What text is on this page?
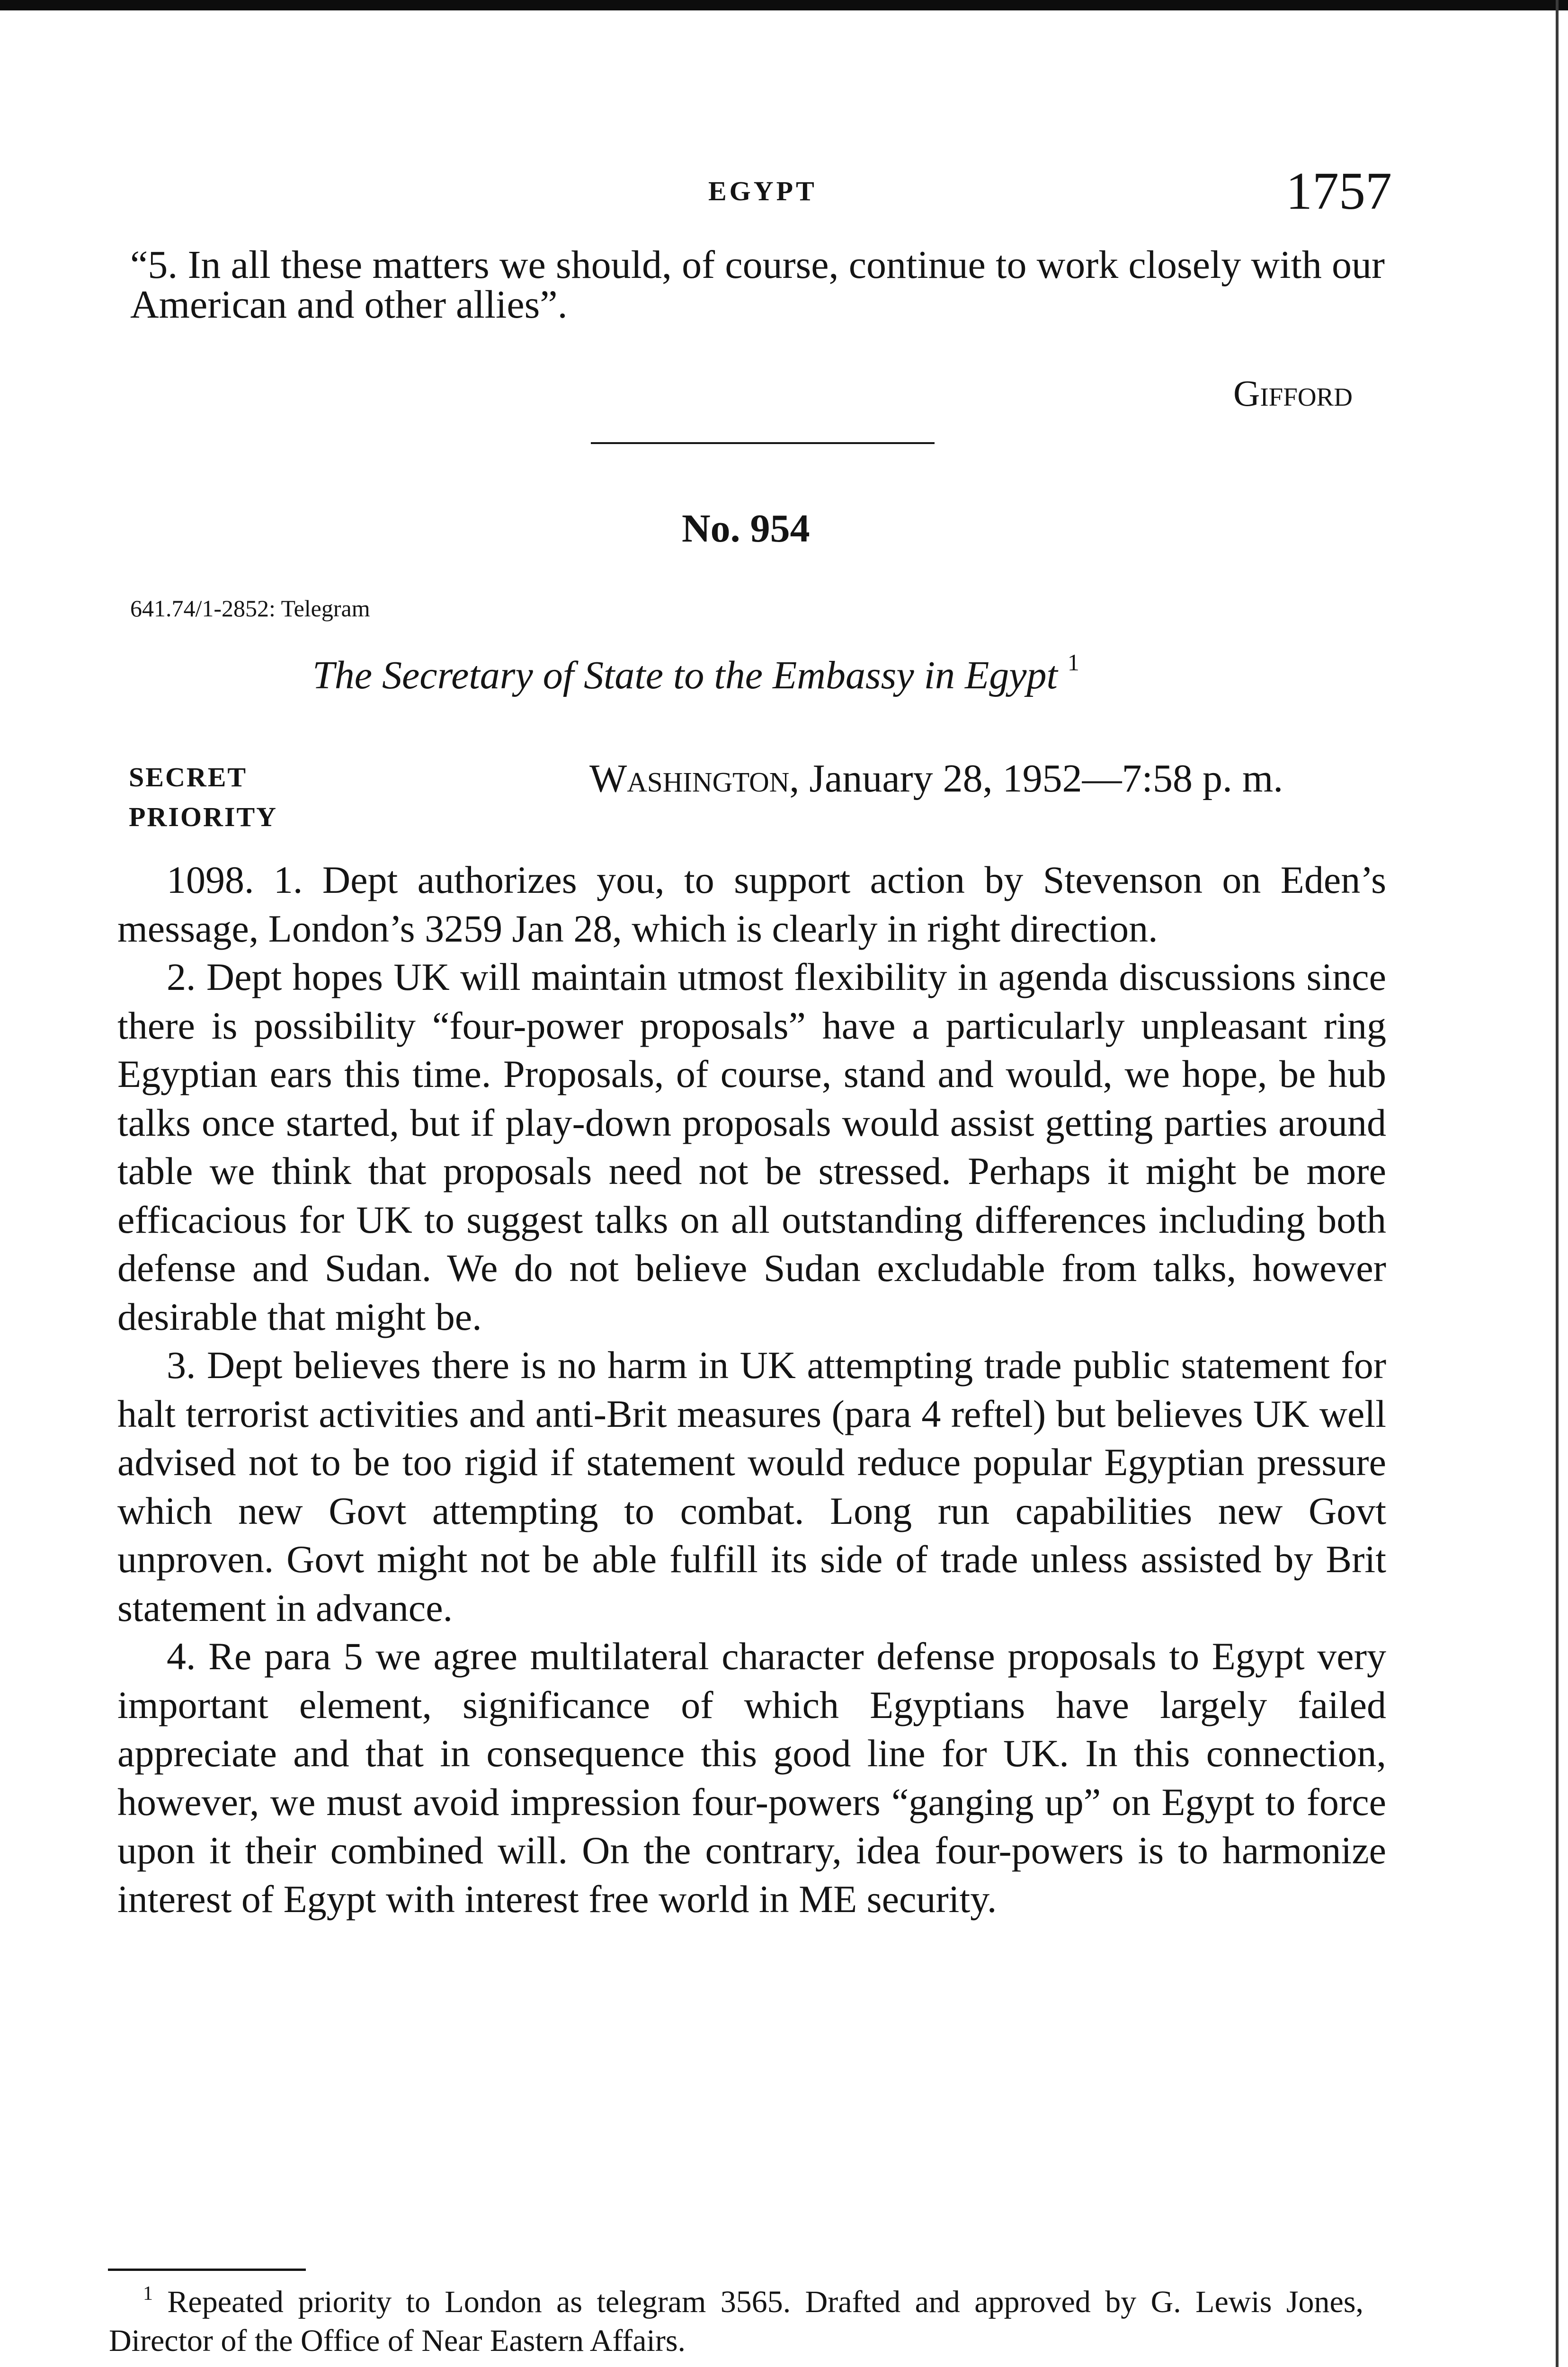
EGYPT	1757
“5. In all these matters we should, of course, continue to work closely with our American and other allies”.
Gifford
No. 954
641.74/1-2852: Telegram
The Secretary of State to the Embassy in Egypt $^1$
SECRET
PRIORITY
Washington, January 28, 1952—7:58 p. m.

1098. 1. Dept authorizes you, to support action by Stevenson on Eden’s message, London’s 3259 Jan 28, which is clearly in right direction.

2. Dept hopes UK will maintain utmost flexibility in agenda discussions since there is possibility “four-power proposals” have a particularly unpleasant ring Egyptian ears this time. Proposals, of course, stand and would, we hope, be hub talks once started, but if play-down proposals would assist getting parties around table we think that proposals need not be stressed. Perhaps it might be more efficacious for UK to suggest talks on all outstanding differences including both defense and Sudan. We do not believe Sudan excludable from talks, however desirable that might be.

3. Dept believes there is no harm in UK attempting trade public statement for halt terrorist activities and anti-Brit measures (para 4 reftel) but believes UK well advised not to be too rigid if statement would reduce popular Egyptian pressure which new Govt attempting to combat. Long run capabilities new Govt unproven. Govt might not be able fulfill its side of trade unless assisted by Brit statement in advance.

4. Re para 5 we agree multilateral character defense proposals to Egypt very important element, significance of which Egyptians have largely failed appreciate and that in consequence this good line for UK. In this connection, however, we must avoid impression four-powers “ganging up” on Egypt to force upon it their combined will. On the contrary, idea four-powers is to harmonize interest of Egypt with interest free world in ME security.

$^1$ Repeated priority to London as telegram 3565. Drafted and approved by G. Lewis Jones, Director of the Office of Near Eastern Affairs.
